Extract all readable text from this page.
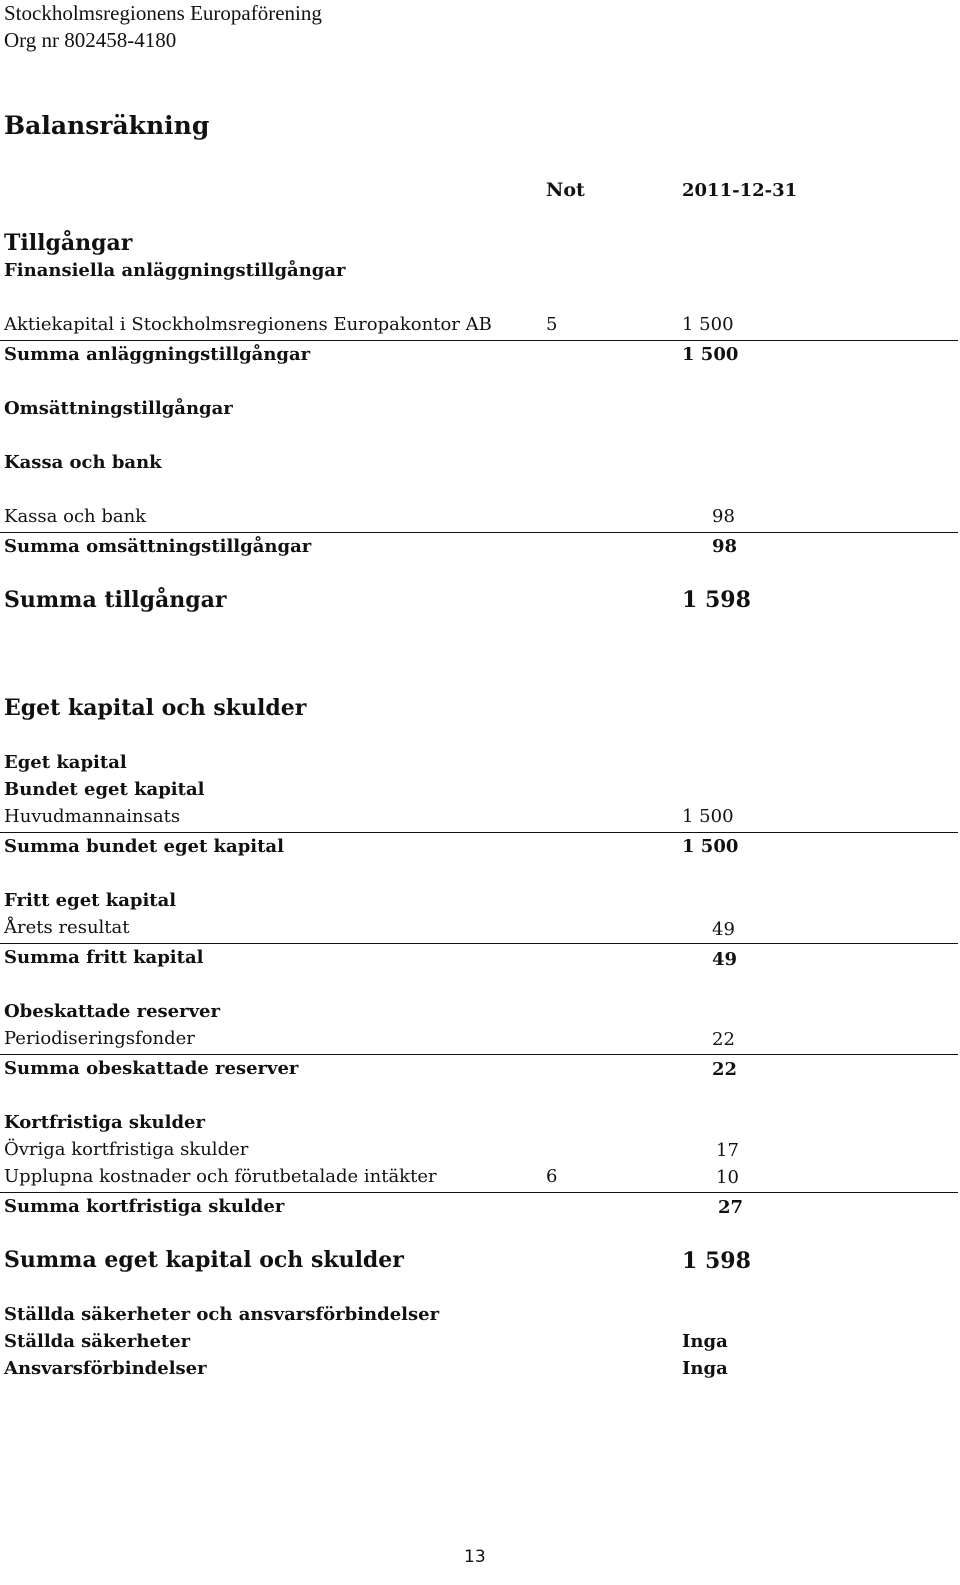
Stockholmsregionens Europaförening
Org nr 802458-4180
Balansräkning
Not	2011-12-31
Tillgångar
Finansiella anläggningstillgångar
Aktiekapital i Stockholmsregionens Europakontor AB	5	1 500
Summa anläggningstillgångar	1 500
Omsättningstillgångar
Kassa och bank
Kassa och bank	98
Summa omsättningstillgångar	98
Summa tillgångar	1 598
Eget kapital och skulder
Eget kapital
Bundet eget kapital
Huvudmannainsats	1 500
Summa bundet eget kapital	1 500
Fritt eget kapital
Årets resultat	49
Summa fritt kapital	49
Obeskattade reserver
Periodiseringsfonder	22
Summa obeskattade reserver	22
Kortfristiga skulder
Övriga kortfristiga skulder	17
Upplupna kostnader och förutbetalade intäkter	6	10
Summa kortfristiga skulder	27
Summa eget kapital och skulder	1 598
Ställda säkerheter och ansvarsförbindelser
Ställda säkerheter	Inga
Ansvarsförbindelser	Inga
13
